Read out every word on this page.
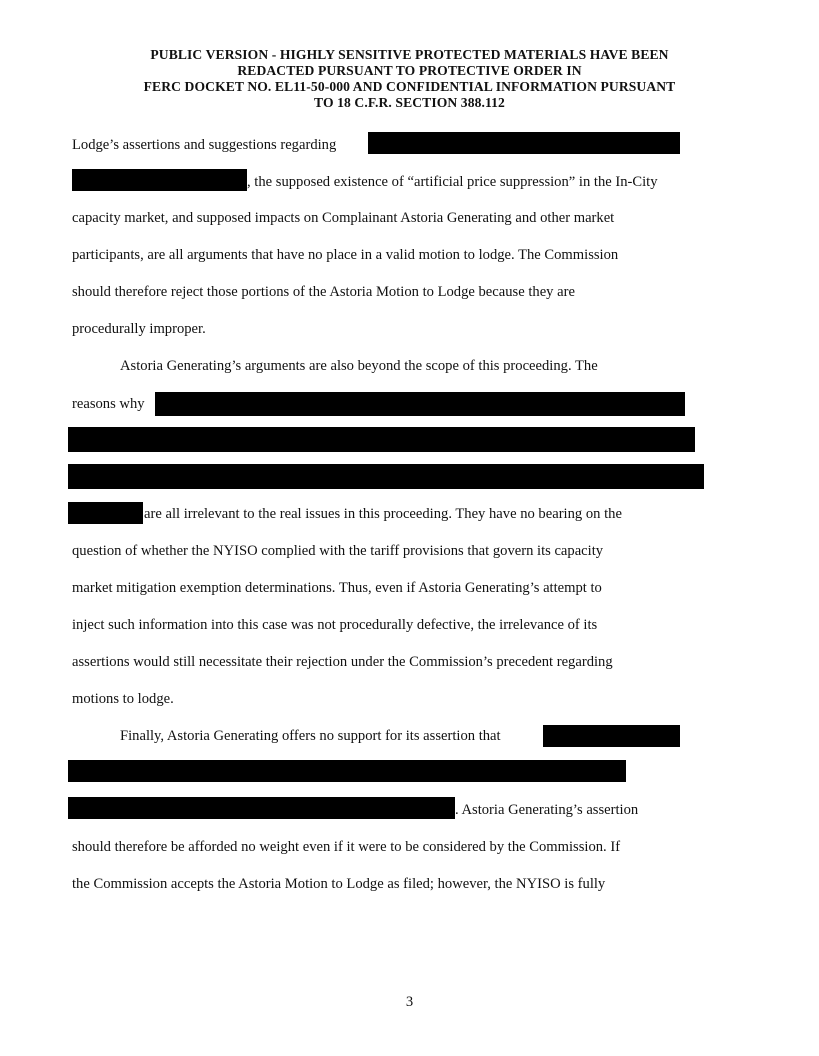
PUBLIC VERSION - HIGHLY SENSITIVE PROTECTED MATERIALS HAVE BEEN
REDACTED PURSUANT TO PROTECTIVE ORDER IN
FERC DOCKET NO. EL11-50-000 AND CONFIDENTIAL INFORMATION PURSUANT
TO 18 C.F.R. SECTION 388.112
Lodge’s assertions and suggestions regarding
, the supposed existence of “artificial price suppression” in the In-City
capacity market, and supposed impacts on Complainant Astoria Generating and other market
participants, are all arguments that have no place in a valid motion to lodge. The Commission
should therefore reject those portions of the Astoria Motion to Lodge because they are
procedurally improper.
Astoria Generating’s arguments are also beyond the scope of this proceeding. The
reasons why
are all irrelevant to the real issues in this proceeding. They have no bearing on the
question of whether the NYISO complied with the tariff provisions that govern its capacity
market mitigation exemption determinations. Thus, even if Astoria Generating’s attempt to
inject such information into this case was not procedurally defective, the irrelevance of its
assertions would still necessitate their rejection under the Commission’s precedent regarding
motions to lodge.
Finally, Astoria Generating offers no support for its assertion that
. Astoria Generating’s assertion
should therefore be afforded no weight even if it were to be considered by the Commission. If
the Commission accepts the Astoria Motion to Lodge as filed; however, the NYISO is fully
3
